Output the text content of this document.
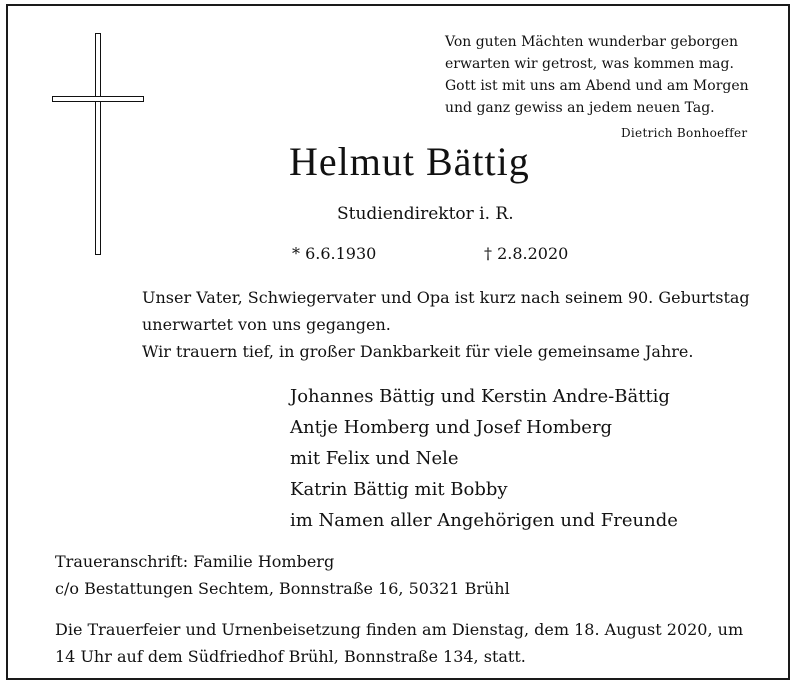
Von guten Mächten wunderbar geborgen
erwarten wir getrost, was kommen mag.
Gott ist mit uns am Abend und am Morgen
und ganz gewiss an jedem neuen Tag.
Dietrich Bonhoeffer
Helmut Bättig
Studiendirektor i. R.
* 6.6.1930	† 2.8.2020
Unser Vater, Schwiegervater und Opa ist kurz nach seinem 90. Geburtstag
unerwartet von uns gegangen.
Wir trauern tief, in großer Dankbarkeit für viele gemeinsame Jahre.
Johannes Bättig und Kerstin Andre-Bättig
Antje Homberg und Josef Homberg
mit Felix und Nele
Katrin Bättig mit Bobby
im Namen aller Angehörigen und Freunde
Traueranschrift: Familie Homberg
c/o Bestattungen Sechtem, Bonnstraße 16, 50321 Brühl
Die Trauerfeier und Urnenbeisetzung finden am Dienstag, dem 18. August 2020, um
14 Uhr auf dem Südfriedhof Brühl, Bonnstraße 134, statt.
